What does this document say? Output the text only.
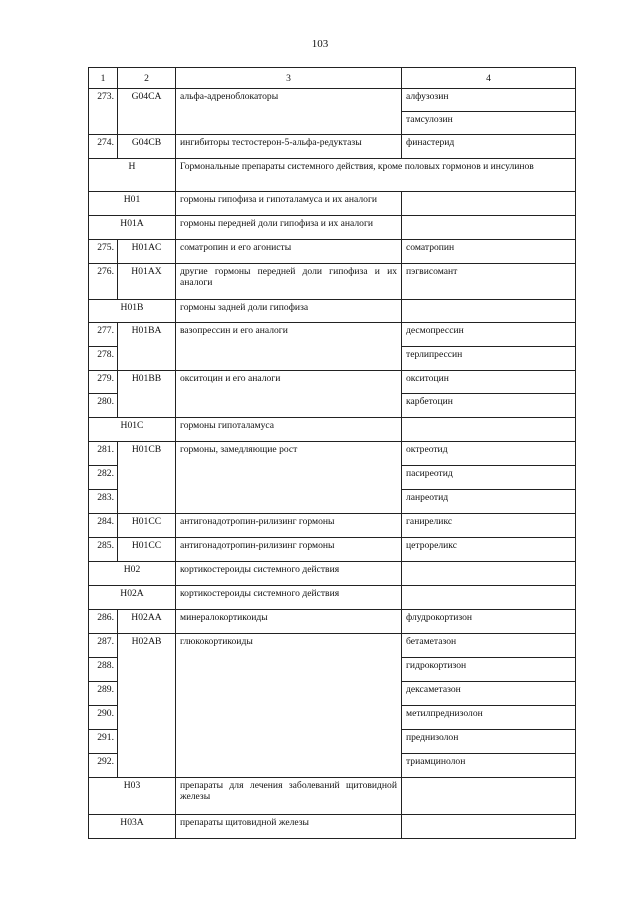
103
1	2	3	4
273.	G04CA	альфа-адреноблокаторы	алфузозин
			тамсулозин
274.	G04CB	ингибиторы тестостерон-5-альфа-редуктазы	финастерид
H		Гормональные препараты системного действия, кроме половых гормонов и инсулинов	
H01		гормоны гипофиза и гипоталамуса и их аналоги	
H01A		гормоны передней доли гипофиза и их аналоги	
275.	H01AC	соматропин и его агонисты	соматропин
276.	H01AX	другие гормоны передней доли гипофиза и их аналоги	пэгвисомант
H01B		гормоны задней доли гипофиза	
277.	H01BA	вазопрессин и его аналоги	десмопрессин
278.			терлипрессин
279.	H01BB	окситоцин и его аналоги	окситоцин
280.			карбетоцин
H01C		гормоны гипоталамуса	
281.	H01CB	гормоны, замедляющие рост	октреотид
282.			пасиреотид
283.			ланреотид
284.	H01CC	антигонадотропин-рилизинг гормоны	ганиреликс
285.	H01CC	антигонадотропин-рилизинг гормоны	цетрореликс
H02		кортикостероиды системного действия	
H02A		кортикостероиды системного действия	
286.	H02AA	минералокортикоиды	флудрокортизон
287.	H02AB	глюкокортикоиды	бетаметазон
288.			гидрокортизон
289.			дексаметазон
290.			метилпреднизолон
291.			преднизолон
292.			триамцинолон
H03		препараты для лечения заболеваний щитовидной железы	
H03A		препараты щитовидной железы	
